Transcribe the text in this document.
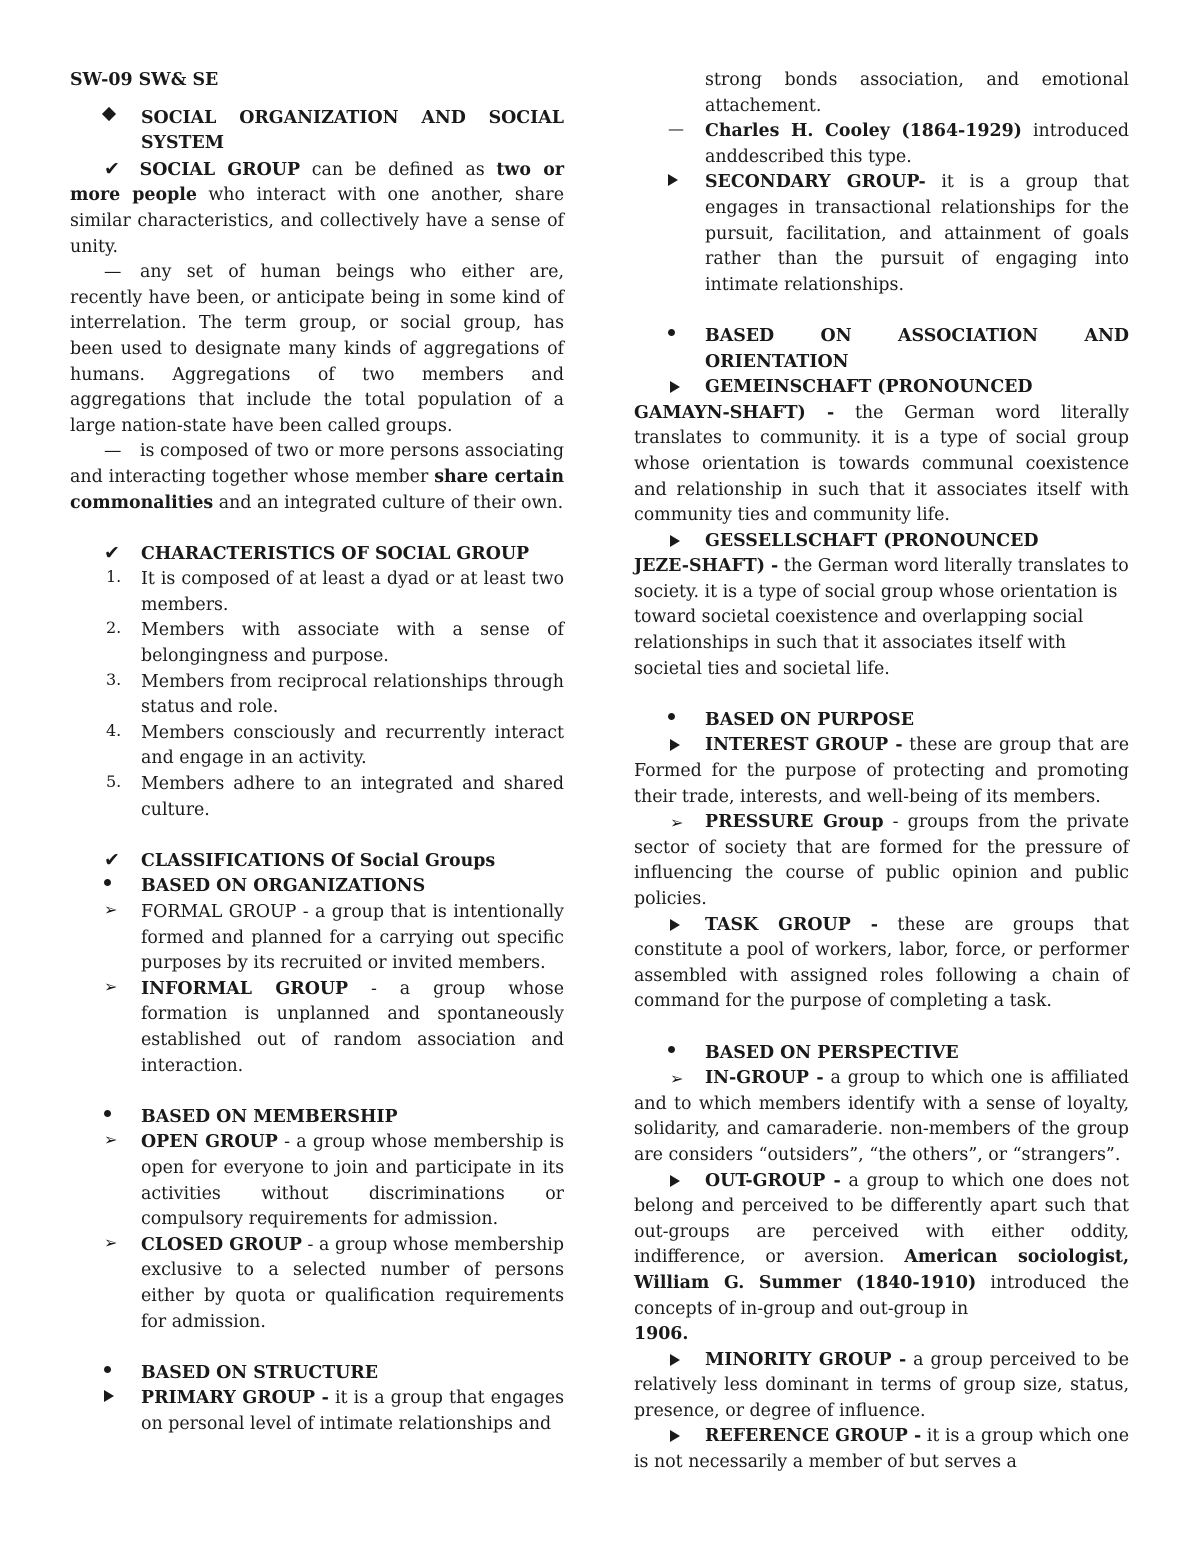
SW-09 SW& SE

SOCIAL ORGANIZATION AND SOCIAL SYSTEM

✔ SOCIAL GROUP can be defined as two or more people who interact with one another, share similar characteristics, and collectively have a sense of unity.

— any set of human beings who either are, recently have been, or anticipate being in some kind of interrelation. The term group, or social group, has been used to designate many kinds of aggregations of humans. Aggregations of two members and aggregations that include the total population of a large nation-state have been called groups.

— is composed of two or more persons associating and interacting together whose member share certain commonalities and an integrated culture of their own.

✔	CHARACTERISTICS OF SOCIAL GROUP

1. It is composed of at least a dyad or at least two members.

2. Members with associate with a sense of belongingness and purpose.

3. Members from reciprocal relationships through status and role.

4. Members consciously and recurrently interact and engage in an activity.

5. Members adhere to an integrated and shared culture.

✔	CLASSIFICATIONS Of Social Groups

BASED ON ORGANIZATIONS

➢	FORMAL GROUP - a group that is intentionally formed and planned for a carrying out specific purposes by its recruited or invited members.

➢	INFORMAL GROUP - a group whose formation is unplanned and spontaneously established out of random association and interaction.

BASED ON MEMBERSHIP

➢	OPEN GROUP - a group whose membership is open for everyone to join and participate in its activities without discriminations or compulsory requirements for admission.

➢	CLOSED GROUP - a group whose membership exclusive to a selected number of persons either by quota or qualification requirements for admission.

BASED ON STRUCTURE

PRIMARY GROUP - it is a group that engages on personal level of intimate relationships and

strong bonds association, and emotional attachement.

—	Charles H. Cooley (1864-1929) introduced anddescribed this type.

SECONDARY GROUP- it is a group that engages in transactional relationships for the pursuit, facilitation, and attainment of goals rather than the pursuit of engaging into intimate relationships.

BASED ON ASSOCIATION AND ORIENTATION

GEMEINSCHAFT (PRONOUNCED

GAMAYN-SHAFT) - the German word literally translates to community. it is a type of social group whose orientation is towards communal coexistence and relationship in such that it associates itself with community ties and community life.

GESSELLSCHAFT (PRONOUNCED

JEZE-SHAFT) - the German word literally translates to society. it is a type of social group whose orientation is toward societal coexistence and overlapping social relationships in such that it associates itself with societal ties and societal life.

BASED ON PURPOSE

INTEREST GROUP - these are group that are Formed for the purpose of protecting and promoting their trade, interests, and well-being of its members.

➢ PRESSURE Group - groups from the private sector of society that are formed for the pressure of influencing the course of public opinion and public policies.

TASK GROUP - these are groups that constitute a pool of workers, labor, force, or performer assembled with assigned roles following a chain of command for the purpose of completing a task.

BASED ON PERSPECTIVE

➢ IN-GROUP - a group to which one is affiliated and to which members identify with a sense of loyalty, solidarity, and camaraderie. non-members of the group are considers “outsiders”, “the others”, or “strangers”.

OUT-GROUP - a group to which one does not belong and perceived to be differently apart such that out-groups are perceived with either oddity, indifference, or aversion. American sociologist, William G. Summer (1840-1910) introduced the concepts of in-group and out-group in
1906.

MINORITY GROUP - a group perceived to be relatively less dominant in terms of group size, status, presence, or degree of influence.

REFERENCE GROUP - it is a group which one is not necessarily a member of but serves a
